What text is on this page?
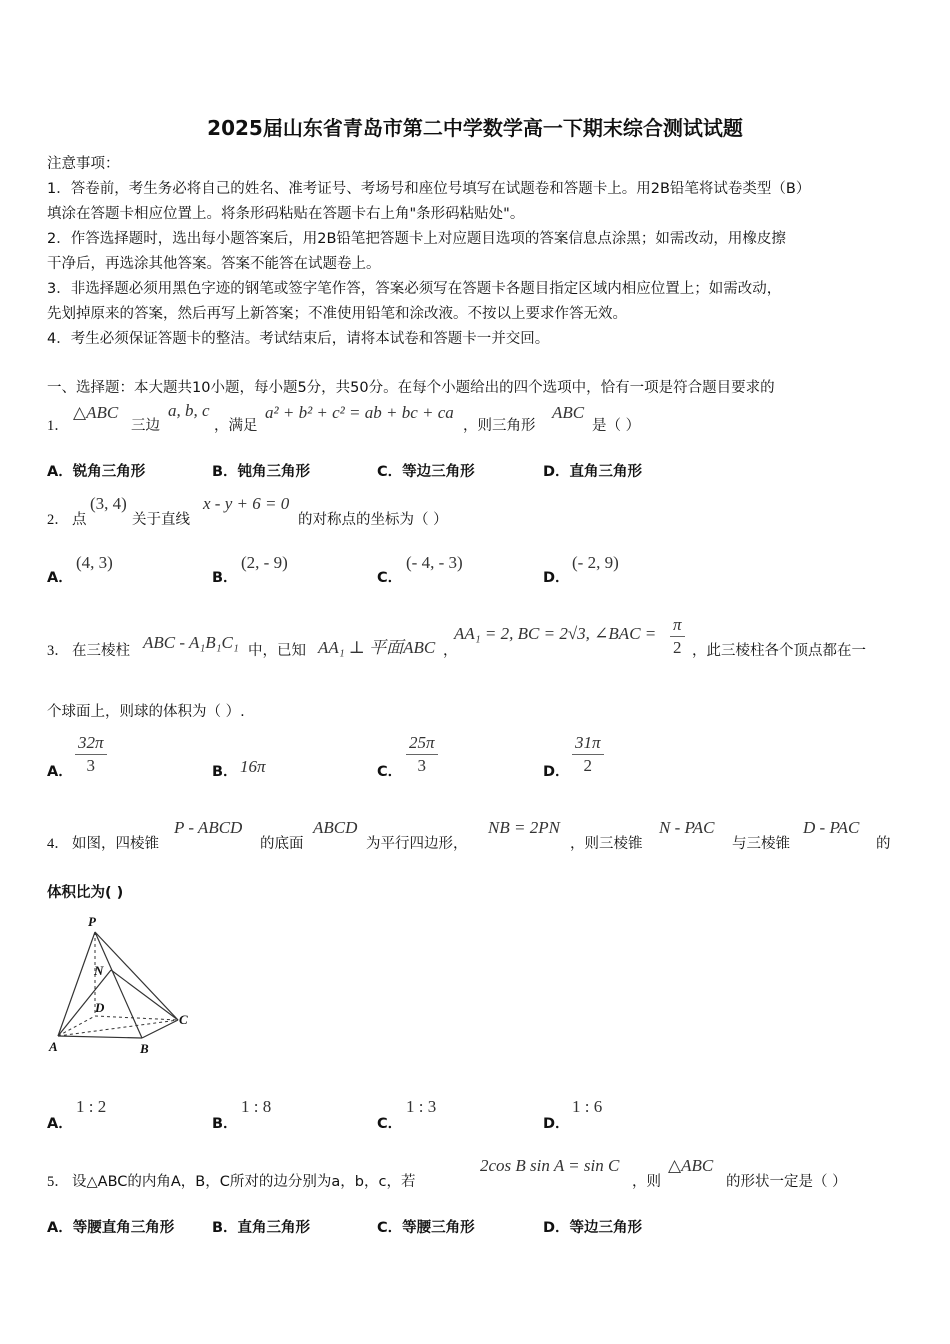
2025届山东省青岛市第二中学数学高一下期末综合测试试题
注意事项：
1．答卷前，考生务必将自己的姓名、准考证号、考场号和座位号填写在试题卷和答题卡上。用2B铅笔将试卷类型（B）
填涂在答题卡相应位置上。将条形码粘贴在答题卡右上角"条形码粘贴处"。
2．作答选择题时，选出每小题答案后，用2B铅笔把答题卡上对应题目选项的答案信息点涂黑；如需改动，用橡皮擦
干净后，再选涂其他答案。答案不能答在试题卷上。
3．非选择题必须用黑色字迹的钢笔或签字笔作答，答案必须写在答题卡各题目指定区域内相应位置上；如需改动，
先划掉原来的答案，然后再写上新答案；不准使用铅笔和涂改液。不按以上要求作答无效。
4．考生必须保证答题卡的整洁。考试结束后，请将本试卷和答题卡一并交回。
一、选择题：本大题共10小题，每小题5分，共50分。在每个小题给出的四个选项中，恰有一项是符合题目要求的
1．
△ABC
三边
a, b, c
，满足
a² + b² + c² = ab + bc + ca
，则三角形
ABC
是（ ）
A．锐角三角形	B．钝角三角形	C．等边三角形	D．直角三角形
2． 点
(3, 4)
关于直线
x - y + 6 = 0
的对称点的坐标为（ ）
A．
(4, 3)
B．
(2, - 9)
C．
(- 4, - 3)
D．
(- 2, 9)
3． 在三棱柱 ABC - A₁B₁C₁ 中，已知 AA₁ ⊥ 平面ABC ，
AA₁ = 2, BC = 2√3, ∠BAC = $\frac{\pi}{2}$ ，此三棱柱各个顶点都在一
个球面上，则球的体积为（ ）.
A． $\frac{32\pi}{3}$	B． 16π	C． $\frac{25\pi}{3}$	D． $\frac{31\pi}{2}$
4． 如图，四棱锥
P - ABCD
的底面
ABCD
为平行四边形，
NB = 2PN
，则三棱锥
N - PAC
与三棱锥
D - PAC
的
体积比为( )
P
N
D
C
A	B
A．
1 : 2
B．
1 : 8
C．
1 : 3
D．
1 : 6
5． 设△ABC的内角A，B，C所对的边分别为a，b，c，若
2cos B sin A = sin C
，则
△ABC
的形状一定是（ ）
A．等腰直角三角形	B．直角三角形	C．等腰三角形	D．等边三角形
